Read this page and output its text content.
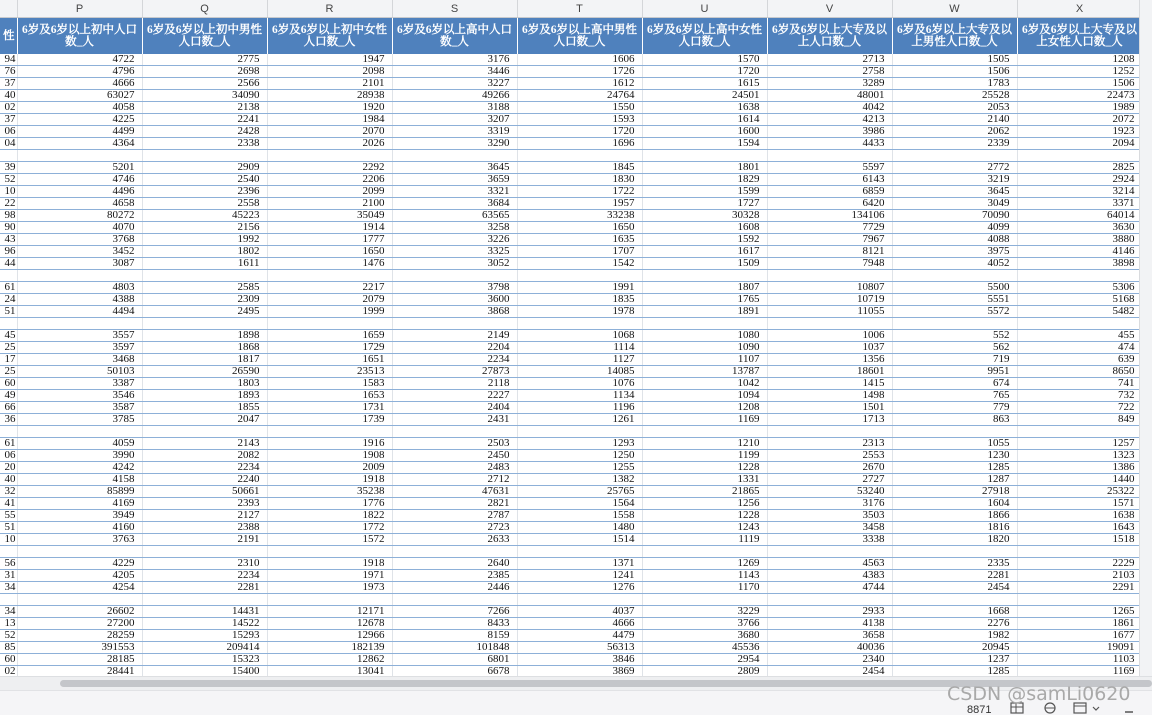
	P	Q	R	S	T	U	V	W	X
性	6岁及6岁以上初中人口数_人	6岁及6岁以上初中男性人口数_人	6岁及6岁以上初中女性人口数_人	6岁及6岁以上高中人口数_人	6岁及6岁以上高中男性人口数_人	6岁及6岁以上高中女性人口数_人	6岁及6岁以上大专及以上人口数_人	6岁及6岁以上大专及以上男性人口数_人	6岁及6岁以上大专及以上女性人口数_人
94	4722	2775	1947	3176	1606	1570	2713	1505	1208
76	4796	2698	2098	3446	1726	1720	2758	1506	1252
37	4666	2566	2101	3227	1612	1615	3289	1783	1506
40	63027	34090	28938	49266	24764	24501	48001	25528	22473
02	4058	2138	1920	3188	1550	1638	4042	2053	1989
37	4225	2241	1984	3207	1593	1614	4213	2140	2072
06	4499	2428	2070	3319	1720	1600	3986	2062	1923
04	4364	2338	2026	3290	1696	1594	4433	2339	2094

39	5201	2909	2292	3645	1845	1801	5597	2772	2825
52	4746	2540	2206	3659	1830	1829	6143	3219	2924
10	4496	2396	2099	3321	1722	1599	6859	3645	3214
22	4658	2558	2100	3684	1957	1727	6420	3049	3371
98	80272	45223	35049	63565	33238	30328	134106	70090	64014
90	4070	2156	1914	3258	1650	1608	7729	4099	3630
43	3768	1992	1777	3226	1635	1592	7967	4088	3880
96	3452	1802	1650	3325	1707	1617	8121	3975	4146
44	3087	1611	1476	3052	1542	1509	7948	4052	3898

61	4803	2585	2217	3798	1991	1807	10807	5500	5306
24	4388	2309	2079	3600	1835	1765	10719	5551	5168
51	4494	2495	1999	3868	1978	1891	11055	5572	5482

45	3557	1898	1659	2149	1068	1080	1006	552	455
25	3597	1868	1729	2204	1114	1090	1037	562	474
17	3468	1817	1651	2234	1127	1107	1356	719	639
25	50103	26590	23513	27873	14085	13787	18601	9951	8650
60	3387	1803	1583	2118	1076	1042	1415	674	741
49	3546	1893	1653	2227	1134	1094	1498	765	732
66	3587	1855	1731	2404	1196	1208	1501	779	722
36	3785	2047	1739	2431	1261	1169	1713	863	849

61	4059	2143	1916	2503	1293	1210	2313	1055	1257
06	3990	2082	1908	2450	1250	1199	2553	1230	1323
20	4242	2234	2009	2483	1255	1228	2670	1285	1386
40	4158	2240	1918	2712	1382	1331	2727	1287	1440
32	85899	50661	35238	47631	25765	21865	53240	27918	25322
41	4169	2393	1776	2821	1564	1256	3176	1604	1571
55	3949	2127	1822	2787	1558	1228	3503	1866	1638
51	4160	2388	1772	2723	1480	1243	3458	1816	1643
10	3763	2191	1572	2633	1514	1119	3338	1820	1518

56	4229	2310	1918	2640	1371	1269	4563	2335	2229
31	4205	2234	1971	2385	1241	1143	4383	2281	2103
34	4254	2281	1973	2446	1276	1170	4744	2454	2291

34	26602	14431	12171	7266	4037	3229	2933	1668	1265
13	27200	14522	12678	8433	4666	3766	4138	2276	1861
52	28259	15293	12966	8159	4479	3680	3658	1982	1677
85	391553	209414	182139	101848	56313	45536	40036	20945	19091
60	28185	15323	12862	6801	3846	2954	2340	1237	1103
02	28441	15400	13041	6678	3869	2809	2454	1285	1169
8871
CSDN @samLi0620
